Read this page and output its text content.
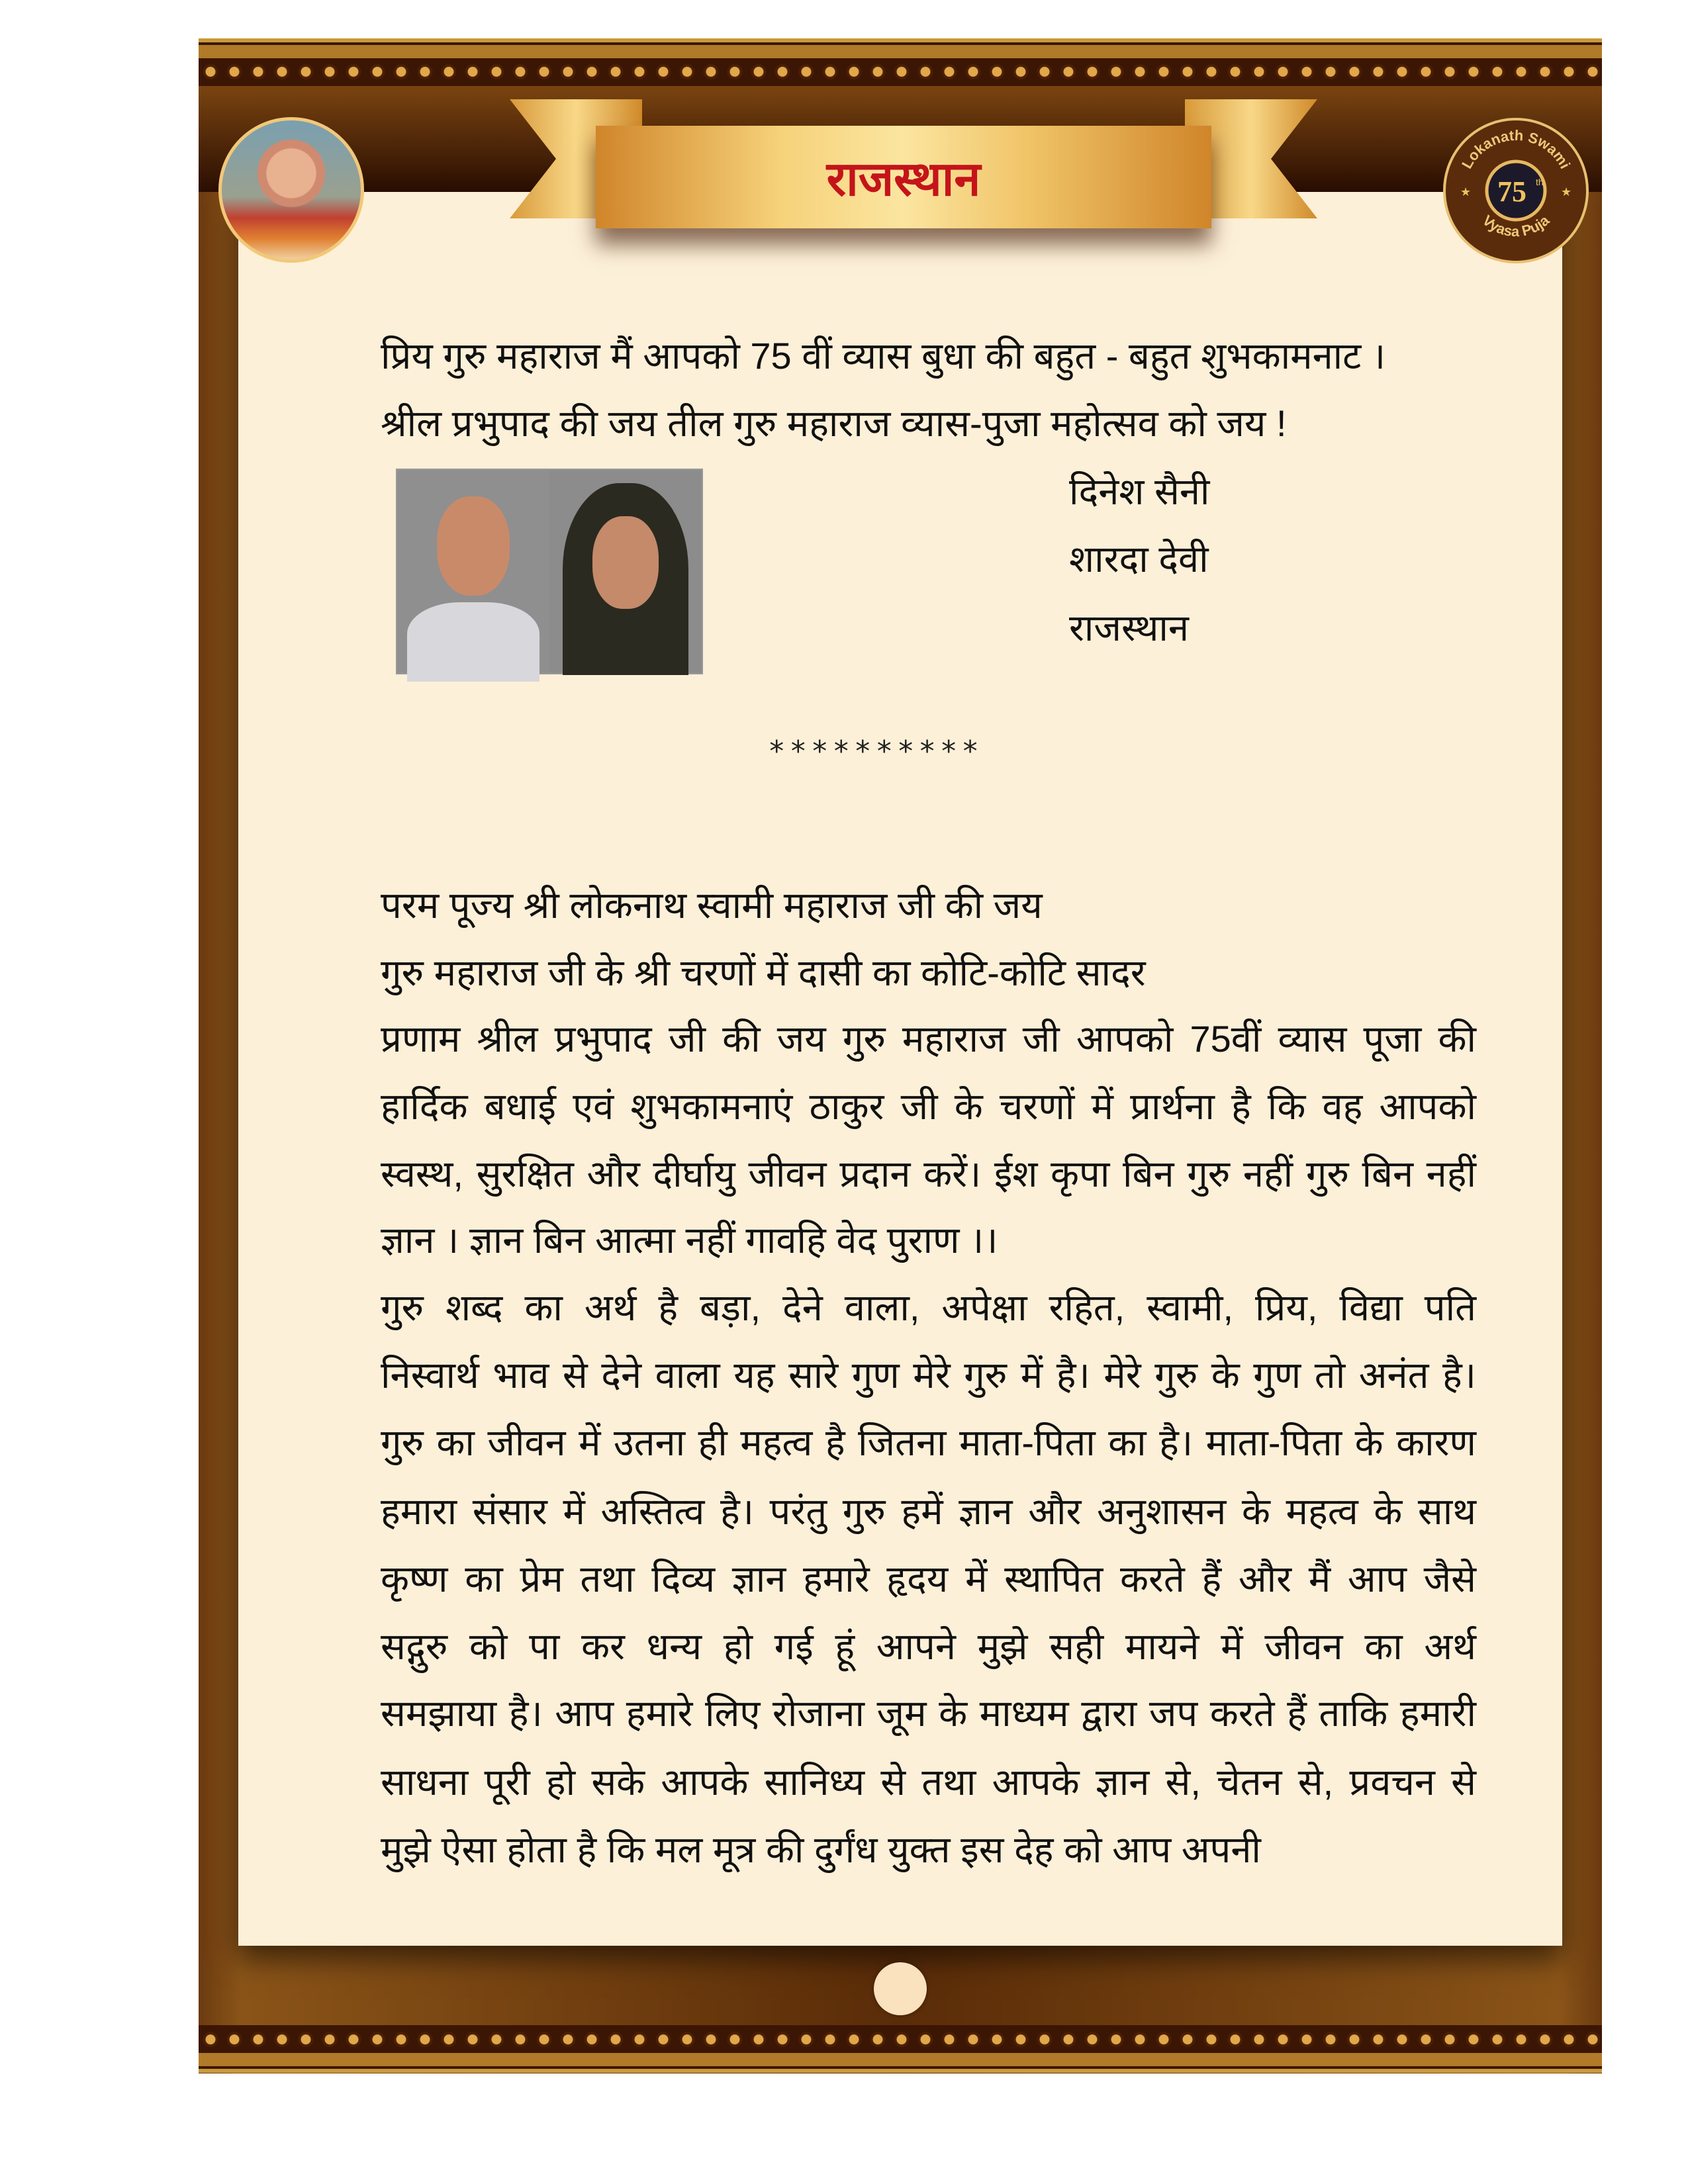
राजस्थान	Lokanath Swami
Vyasa Puja
75 th
★	★
प्रिय गुरु महाराज मैं आपको 75 वीं व्यास बुधा की बहुत - बहुत शुभकामनाट ।
श्रील प्रभुपाद की जय तील गुरु महाराज व्यास-पुजा महोत्सव को जय !
दिनेश सैनी
शारदा देवी
राजस्थान
**********
परम पूज्य श्री लोकनाथ स्वामी महाराज जी की जय
गुरु महाराज जी के श्री चरणों में दासी का कोटि-कोटि सादर
प्रणाम श्रील प्रभुपाद जी की जय गुरु महाराज जी आपको 75वीं व्यास पूजा की
हार्दिक बधाई एवं शुभकामनाएं ठाकुर जी के चरणों में प्रार्थना है कि वह आपको
स्वस्थ, सुरक्षित और दीर्घायु जीवन प्रदान करें। ईश कृपा बिन गुरु नहीं गुरु बिन नहीं
ज्ञान । ज्ञान बिन आत्मा नहीं गावहि वेद पुराण ।।
गुरु शब्द का अर्थ है बड़ा, देने वाला, अपेक्षा रहित, स्वामी, प्रिय, विद्या पति
निस्वार्थ भाव से देने वाला यह सारे गुण मेरे गुरु में है। मेरे गुरु के गुण तो अनंत है।
गुरु का जीवन में उतना ही महत्व है जितना माता-पिता का है। माता-पिता के कारण
हमारा संसार में अस्तित्व है। परंतु गुरु हमें ज्ञान और अनुशासन के महत्व के साथ
कृष्ण का प्रेम तथा दिव्य ज्ञान हमारे हृदय में स्थापित करते हैं और मैं आप जैसे
सद्गुरु को पा कर धन्य हो गई हूं आपने मुझे सही मायने में जीवन का अर्थ
समझाया है। आप हमारे लिए रोजाना जूम के माध्यम द्वारा जप करते हैं ताकि हमारी
साधना पूरी हो सके आपके सानिध्य से तथा आपके ज्ञान से, चेतन से, प्रवचन से
मुझे ऐसा होता है कि मल मूत्र की दुर्गंध युक्त इस देह को आप अपनी
